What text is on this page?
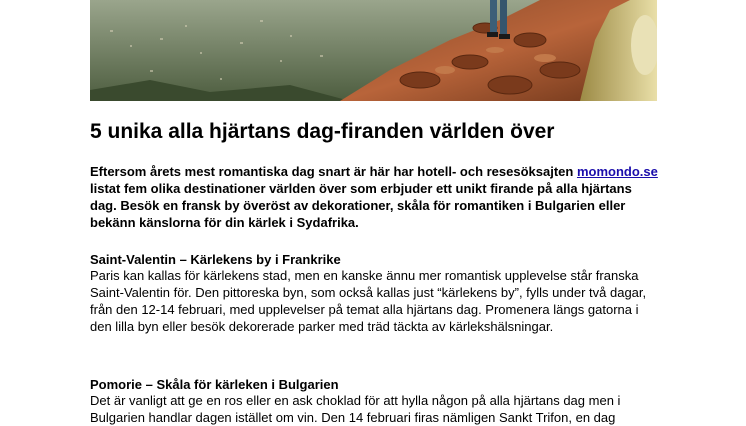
5 unika alla hjärtans dag-firanden världen över

Eftersom årets mest romantiska dag snart är här har hotell- och resesöksajten momondo.se listat fem olika destinationer världen över som erbjuder ett unikt firande på alla hjärtans dag. Besök en fransk by överöst av dekorationer, skåla för romantiken i Bulgarien eller bekänn känslorna för din kärlek i Sydafrika.

Saint-Valentin – Kärlekens by i Frankrike

Paris kan kallas för kärlekens stad, men en kanske ännu mer romantisk upplevelse står franska Saint-Valentin för. Den pittoreska byn, som också kallas just “kärlekens by”, fylls under två dagar, från den 12-14 februari, med upplevelser på temat alla hjärtans dag. Promenera längs gatorna i den lilla byn eller besök dekorerade parker med träd täckta av kärlekshälsningar.

Pomorie – Skåla för kärleken i Bulgarien

Det är vanligt att ge en ros eller en ask choklad för att hylla någon på alla hjärtans dag men i Bulgarien handlar dagen istället om vin. Den 14 februari firas nämligen Sankt Trifon, en dag
